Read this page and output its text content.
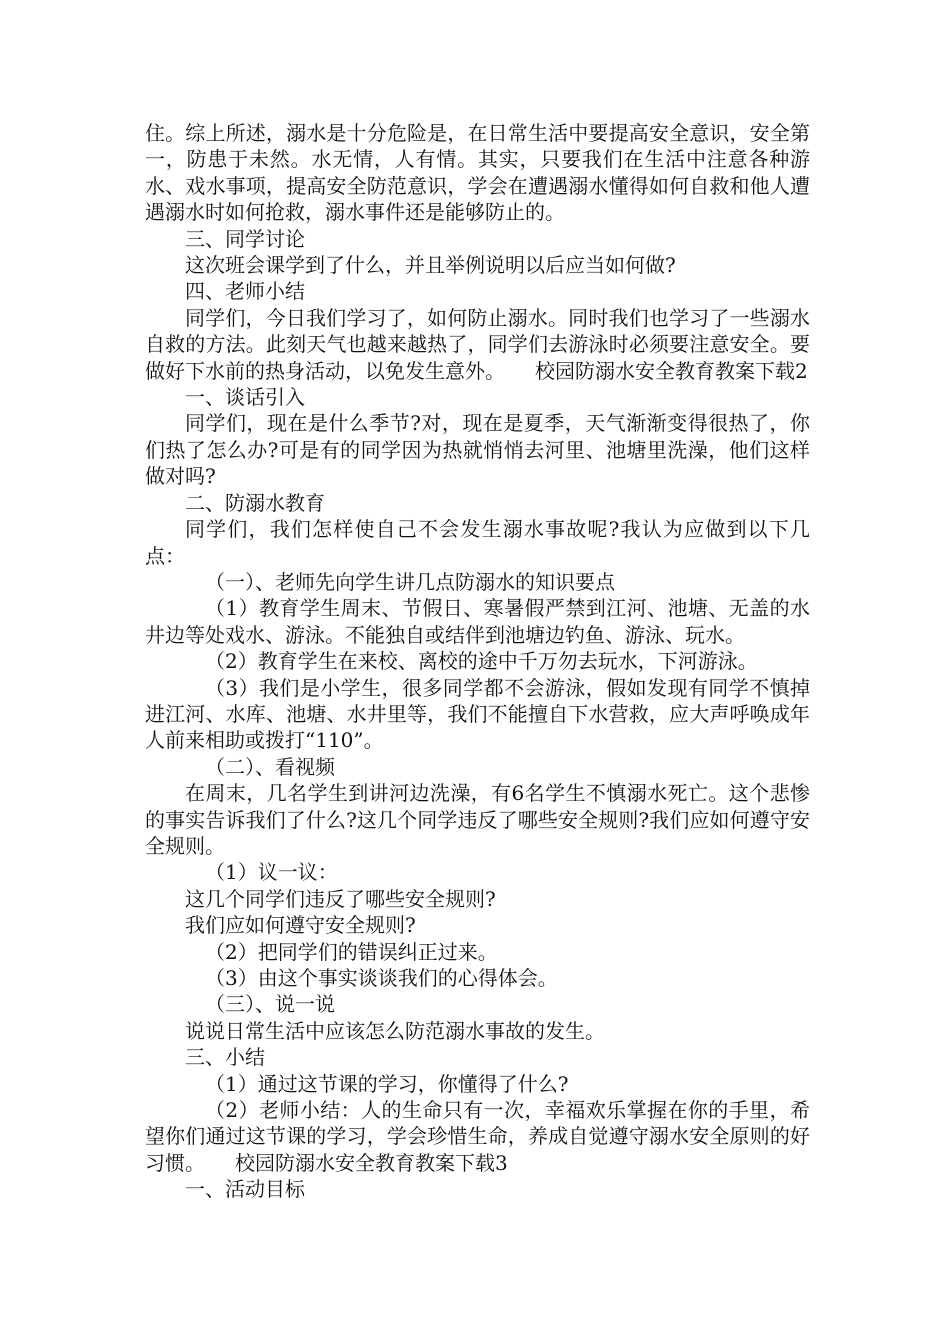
住。综上所述，溺水是十分危险是，在日常生活中要提高安全意识，安全第一，防患于未然。水无情，人有情。其实，只要我们在生活中注意各种游水、戏水事项，提高安全防范意识，学会在遭遇溺水懂得如何自救和他人遭遇溺水时如何抢救，溺水事件还是能够防止的。

三、同学讨论

这次班会课学到了什么，并且举例说明以后应当如何做?

四、老师小结

同学们，今日我们学习了，如何防止溺水。同时我们也学习了一些溺水自救的方法。此刻天气也越来越热了，同学们去游泳时必须要注意安全。要做好下水前的热身活动，以免发生意外。　　校园防溺水安全教育教案下载2

一、谈话引入

同学们，现在是什么季节?对，现在是夏季，天气渐渐变得很热了，你们热了怎么办?可是有的同学因为热就悄悄去河里、池塘里洗澡，他们这样做对吗?

二、防溺水教育

同学们，我们怎样使自己不会发生溺水事故呢?我认为应做到以下几点：

（一）、老师先向学生讲几点防溺水的知识要点

（1）教育学生周末、节假日、寒暑假严禁到江河、池塘、无盖的水井边等处戏水、游泳。不能独自或结伴到池塘边钓鱼、游泳、玩水。

（2）教育学生在来校、离校的途中千万勿去玩水，下河游泳。

（3）我们是小学生，很多同学都不会游泳，假如发现有同学不慎掉进江河、水库、池塘、水井里等，我们不能擅自下水营救，应大声呼唤成年人前来相助或拨打“110”。

（二）、看视频

在周末，几名学生到讲河边洗澡，有6名学生不慎溺水死亡。这个悲惨的事实告诉我们了什么?这几个同学违反了哪些安全规则?我们应如何遵守安全规则。

（1）议一议：

这几个同学们违反了哪些安全规则?

我们应如何遵守安全规则?

（2）把同学们的错误纠正过来。

（3）由这个事实谈谈我们的心得体会。

（三）、说一说

说说日常生活中应该怎么防范溺水事故的发生。

三、小结

（1）通过这节课的学习，你懂得了什么?

（2）老师小结：人的生命只有一次，幸福欢乐掌握在你的手里，希望你们通过这节课的学习，学会珍惜生命，养成自觉遵守溺水安全原则的好习惯。　　校园防溺水安全教育教案下载3

一、活动目标
